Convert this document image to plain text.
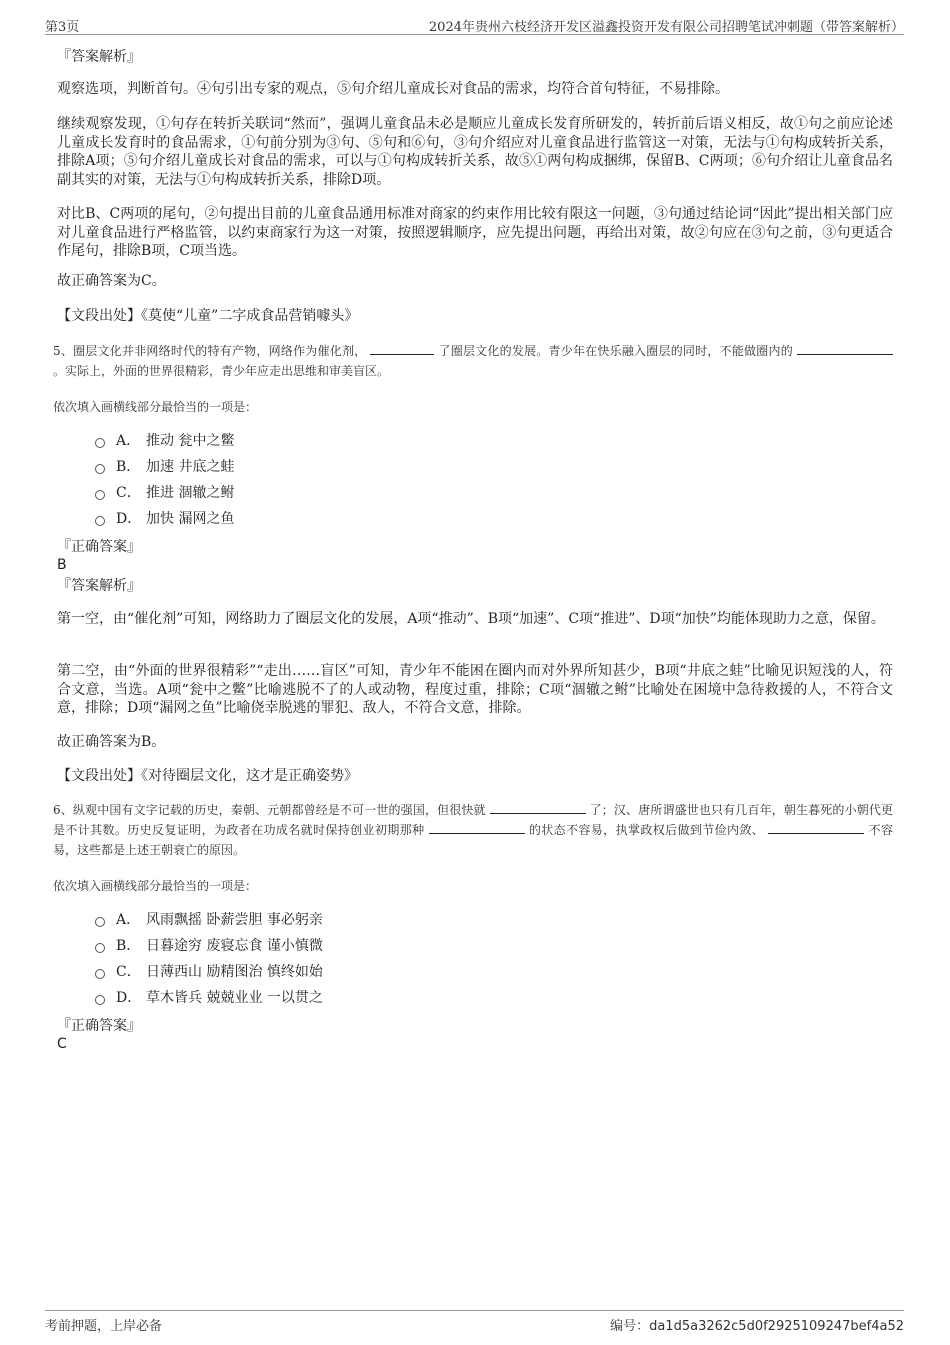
第3页	2024年贵州六枝经济开发区溢鑫投资开发有限公司招聘笔试冲刺题（带答案解析）
『答案解析』
观察选项，判断首句。④句引出专家的观点，⑤句介绍儿童成长对食品的需求，均符合首句特征，不易排除。
继续观察发现，①句存在转折关联词“然而”，强调儿童食品未必是顺应儿童成长发育所研发的，转折前后语义相反，故①句之前应论述儿童成长发育时的食品需求，①句前分别为③句、⑤句和⑥句，③句介绍应对儿童食品进行监管这一对策，无法与①句构成转折关系，排除A项；⑤句介绍儿童成长对食品的需求，可以与①句构成转折关系，故⑤①两句构成捆绑，保留B、C两项；⑥句介绍让儿童食品名副其实的对策，无法与①句构成转折关系，排除D项。
对比B、C两项的尾句，②句提出目前的儿童食品通用标准对商家的约束作用比较有限这一问题，③句通过结论词“因此”提出相关部门应对儿童食品进行严格监管，以约束商家行为这一对策，按照逻辑顺序，应先提出问题，再给出对策，故②句应在③句之前，③句更适合作尾句，排除B项，C项当选。
故正确答案为C。
【文段出处】《莫使“儿童”二字成食品营销噱头》
5、圈层文化并非网络时代的特有产物，网络作为催化剂，	了圈层文化的发展。青少年在快乐融入圈层的同时，不能做圈内的  。实际上，外面的世界很精彩，青少年应走出思维和审美盲区。
依次填入画横线部分最恰当的一项是：
A． 推动 瓮中之鳖
B． 加速 井底之蛙
C． 推进 涸辙之鲋
D． 加快 漏网之鱼
『正确答案』
B
『答案解析』
第一空，由“催化剂”可知，网络助力了圈层文化的发展，A项“推动”、B项“加速”、C项“推进”、D项“加快”均能体现助力之意，保留。
第二空，由“外面的世界很精彩”“走出……盲区”可知，青少年不能困在圈内而对外界所知甚少，B项“井底之蛙”比喻见识短浅的人，符合文意，当选。A项“瓮中之鳖”比喻逃脱不了的人或动物，程度过重，排除；C项“涸辙之鲋”比喻处在困境中急待救援的人，不符合文意，排除；D项“漏网之鱼”比喻侥幸脱逃的罪犯、敌人，不符合文意，排除。
故正确答案为B。
【文段出处】《对待圈层文化，这才是正确姿势》
6、纵观中国有文字记载的历史，秦朝、元朝都曾经是不可一世的强国，但很快就	了；汉、唐所谓盛世也只有几百年，朝生暮死的小朝代更是不计其数。历史反复证明，为政者在功成名就时保持创业初期那种	的状态不容易，执掌政权后做到节俭内敛、	不容易，这些都是上述王朝衰亡的原因。
依次填入画横线部分最恰当的一项是：
A． 风雨飘摇 卧薪尝胆 事必躬亲
B． 日暮途穷 废寝忘食 谨小慎微
C． 日薄西山 励精图治 慎终如始
D． 草木皆兵 兢兢业业 一以贯之
『正确答案』
C
考前押题，上岸必备	编号：da1d5a3262c5d0f2925109247bef4a52
